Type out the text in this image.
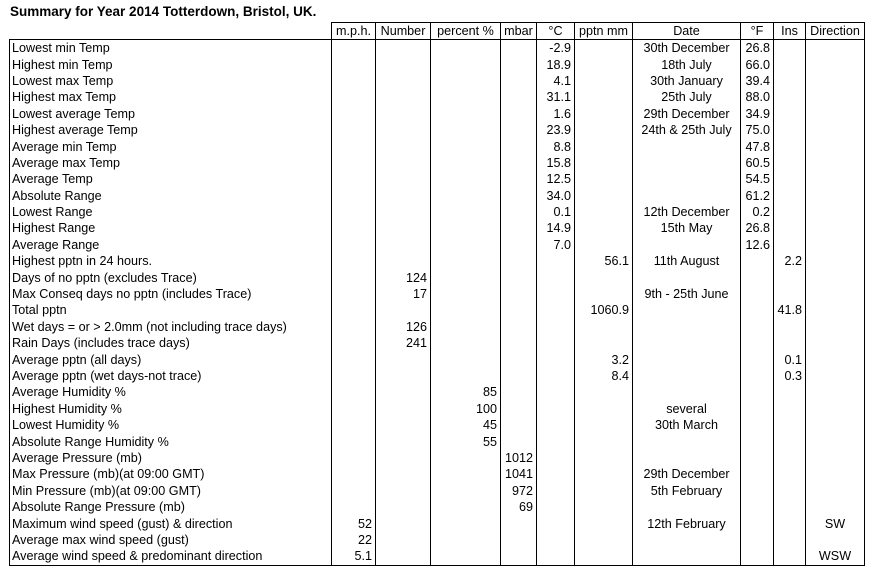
Summary for Year 2014 Totterdown, Bristol, UK.
	m.p.h.	Number	percent %	mbar	°C	pptn mm	Date	°F	Ins	Direction
Lowest min Temp					-2.9		30th December	26.8		
Highest min Temp					18.9		18th July	66.0		
Lowest max Temp					4.1		30th January	39.4		
Highest max Temp					31.1		25th July	88.0		
Lowest average Temp					1.6		29th December	34.9		
Highest average Temp					23.9		24th & 25th July	75.0		
Average min Temp					8.8			47.8		
Average max Temp					15.8			60.5		
Average Temp					12.5			54.5		
Absolute Range					34.0			61.2		
Lowest Range					0.1		12th December	0.2		
Highest Range					14.9		15th May	26.8		
Average Range					7.0			12.6		
Highest pptn in 24 hours.						56.1	11th August		2.2	
Days of no pptn (excludes Trace)		124								
Max Conseq days no pptn (includes Trace)		17					9th - 25th June			
Total pptn						1060.9			41.8	
Wet days = or > 2.0mm (not including trace days)		126								
Rain Days (includes trace days)		241								
Average pptn (all days)						3.2			0.1	
Average pptn (wet days-not trace)						8.4			0.3	
Average Humidity %			85							
Highest Humidity %			100				several			
Lowest Humidity %			45				30th March			
Absolute Range Humidity %			55							
Average Pressure (mb)				1012						
Max Pressure (mb)(at 09:00 GMT)				1041			29th December			
Min Pressure (mb)(at 09:00 GMT)				972			5th February			
Absolute Range Pressure (mb)				69						
Maximum wind speed (gust) & direction	52						12th February			SW
Average max wind speed (gust)	22									
Average wind speed & predominant direction	5.1									WSW
